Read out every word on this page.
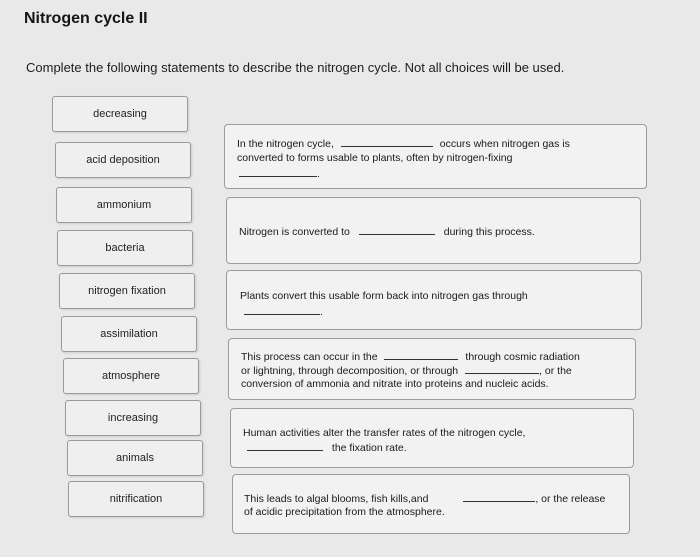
Nitrogen cycle II
Complete the following statements to describe the nitrogen cycle. Not all choices will be used.
decreasing
acid deposition
ammonium
bacteria
nitrogen fixation
assimilation
atmosphere
increasing
animals
nitrification
In the nitrogen cycle,	occurs when nitrogen gas is
converted to forms usable to plants, often by nitrogen-fixing
.
Nitrogen is converted to	during this process.
Plants convert this usable form back into nitrogen gas through
.
This process can occur in the	through cosmic radiation
or lightning, through decomposition, or through	, or the
conversion of ammonia and nitrate into proteins and nucleic acids.
Human activities alter the transfer rates of the nitrogen cycle,
the fixation rate.
This leads to algal blooms, fish kills,and	, or the release
of acidic precipitation from the atmosphere.
